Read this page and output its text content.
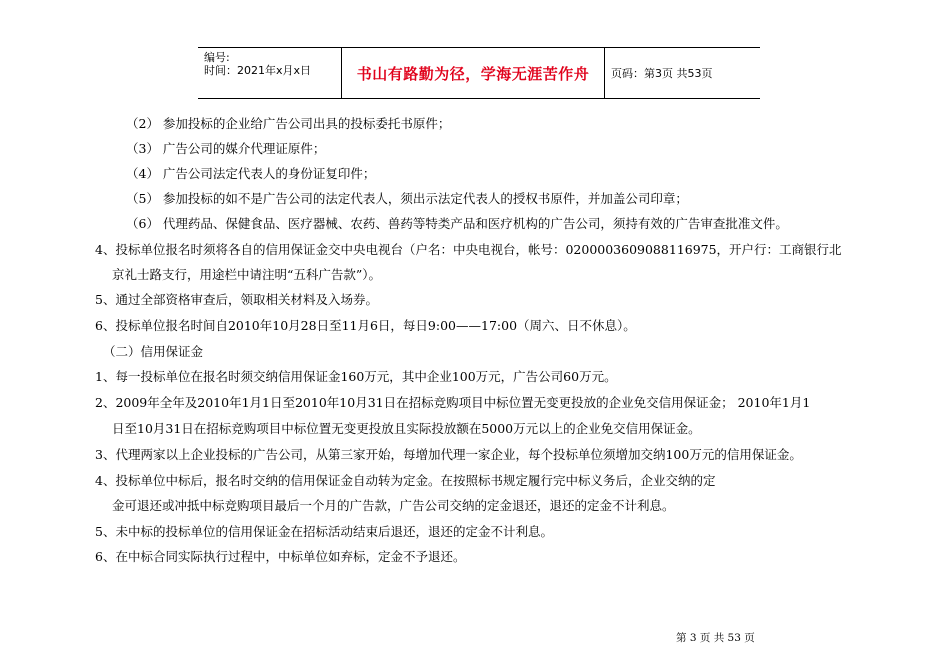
编号:
时间：2021年x月x日	书山有路勤为径，学海无涯苦作舟 页码：第3页 共53页
（2） 参加投标的企业给广告公司出具的投标委托书原件；
（3） 广告公司的媒介代理证原件；
（4） 广告公司法定代表人的身份证复印件；
（5） 参加投标的如不是广告公司的法定代表人，须出示法定代表人的授权书原件，并加盖公司印章；
（6） 代理药品、保健食品、医疗器械、农药、兽药等特类产品和医疗机构的广告公司，须持有效的广告审查批准文件。
4、投标单位报名时须将各自的信用保证金交中央电视台（户名：中央电视台，帐号：0200003609088116975，开户行：工商银行北
京礼士路支行，用途栏中请注明“五科广告款”）。
5、通过全部资格审查后，领取相关材料及入场券。
6、投标单位报名时间自2010年10月28日至11月6日，每日9:00——17:00（周六、日不休息）。
（二）信用保证金
1、每一投标单位在报名时须交纳信用保证金160万元，其中企业100万元，广告公司60万元。
2、2009年全年及2010年1月1日至2010年10月31日在招标竞购项目中标位置无变更投放的企业免交信用保证金； 2010年1月1
日至10月31日在招标竞购项目中标位置无变更投放且实际投放额在5000万元以上的企业免交信用保证金。
3、代理两家以上企业投标的广告公司，从第三家开始，每增加代理一家企业，每个投标单位须增加交纳100万元的信用保证金。
4、投标单位中标后，报名时交纳的信用保证金自动转为定金。在按照标书规定履行完中标义务后，企业交纳的定
金可退还或冲抵中标竞购项目最后一个月的广告款，广告公司交纳的定金退还，退还的定金不计利息。
5、未中标的投标单位的信用保证金在招标活动结束后退还，退还的定金不计利息。
6、在中标合同实际执行过程中，中标单位如弃标，定金不予退还。
第 3 页 共 53 页
